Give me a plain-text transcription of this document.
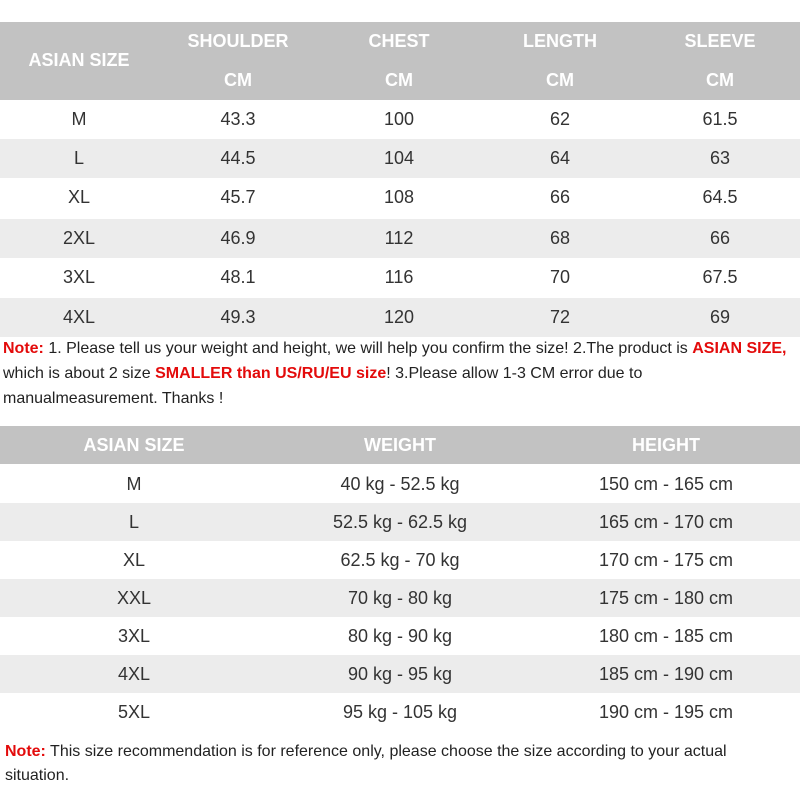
ASIAN SIZE
SHOULDER	CHEST	LENGTH	SLEEVE
CM	CM	CM	CM
M	43.3	100	62	61.5
L	44.5	104	64	63
XL	45.7	108	66	64.5
2XL	46.9	112	68	66
3XL	48.1	116	70	67.5
4XL	49.3	120	72	69
Note: 1. Please tell us your weight and height, we will help you confirm the size! 2.The product is ASIAN SIZE, which is about 2 size SMALLER than US/RU/EU size! 3.Please allow 1-3 CM error due to manualmeasurement. Thanks !
ASIAN SIZE	WEIGHT	HEIGHT
M	40 kg - 52.5 kg	150 cm - 165 cm
L	52.5 kg - 62.5 kg	165 cm - 170 cm
XL	62.5 kg - 70 kg	170 cm - 175 cm
XXL	70 kg - 80 kg	175 cm - 180 cm
3XL	80 kg - 90 kg	180 cm - 185 cm
4XL	90 kg - 95 kg	185 cm - 190 cm
5XL	95 kg - 105 kg	190 cm - 195 cm
Note: This size recommendation is for reference only, please choose the size according to your actual situation.
